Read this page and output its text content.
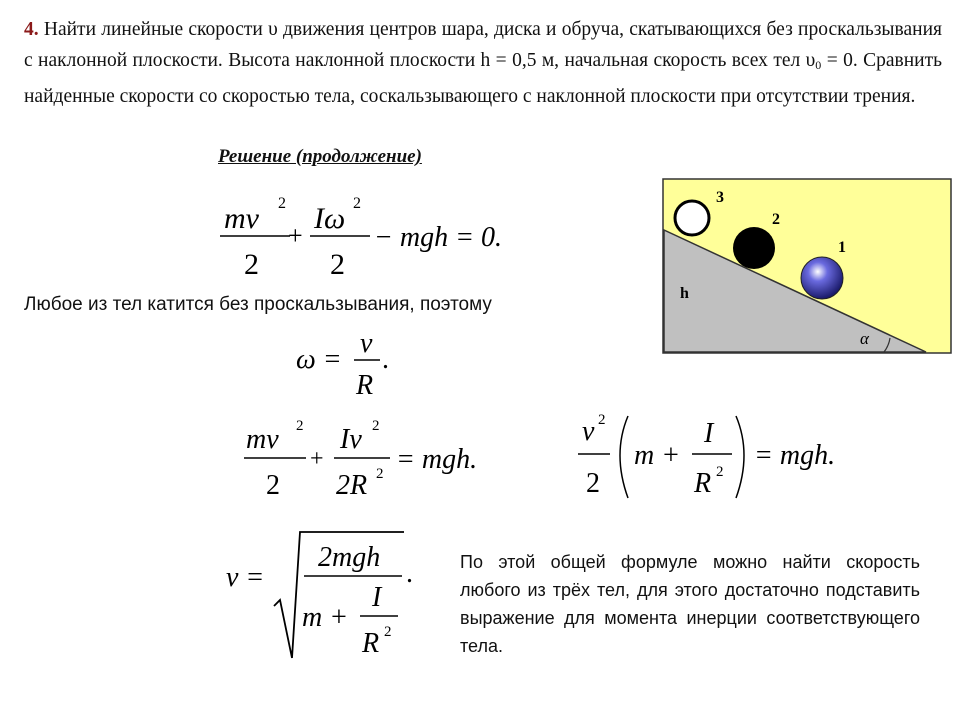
4. Найти линейные скорости υ движения центров шара, диска и обруча, скатывающихся без проскальзывания с наклонной плоскости. Высота наклонной плоскости h = 0,5 м, начальная скорость всех тел $\upsilon_0 = 0$. Сравнить найденные скорости со скоростью тела, соскальзывающего с наклонной плоскости при отсутствии трения.
Решение (продолжение)
mv 2
2
+
Iω 2
2
− mgh = 0.
Любое из тел катится без проскальзывания, поэтому
ω =
v
R
.
mv 2
2
+
Iv 2
2R 2 = mgh.
v 2
2
m +
I
R 2
= mgh.
v =
2mgh
m +
I
R 2
.	По этой общей формуле можно найти скорость любого из трёх тел, для этого достаточно подставить выражение для момента инерции соответствующего тела.
3
2
1
h
α
